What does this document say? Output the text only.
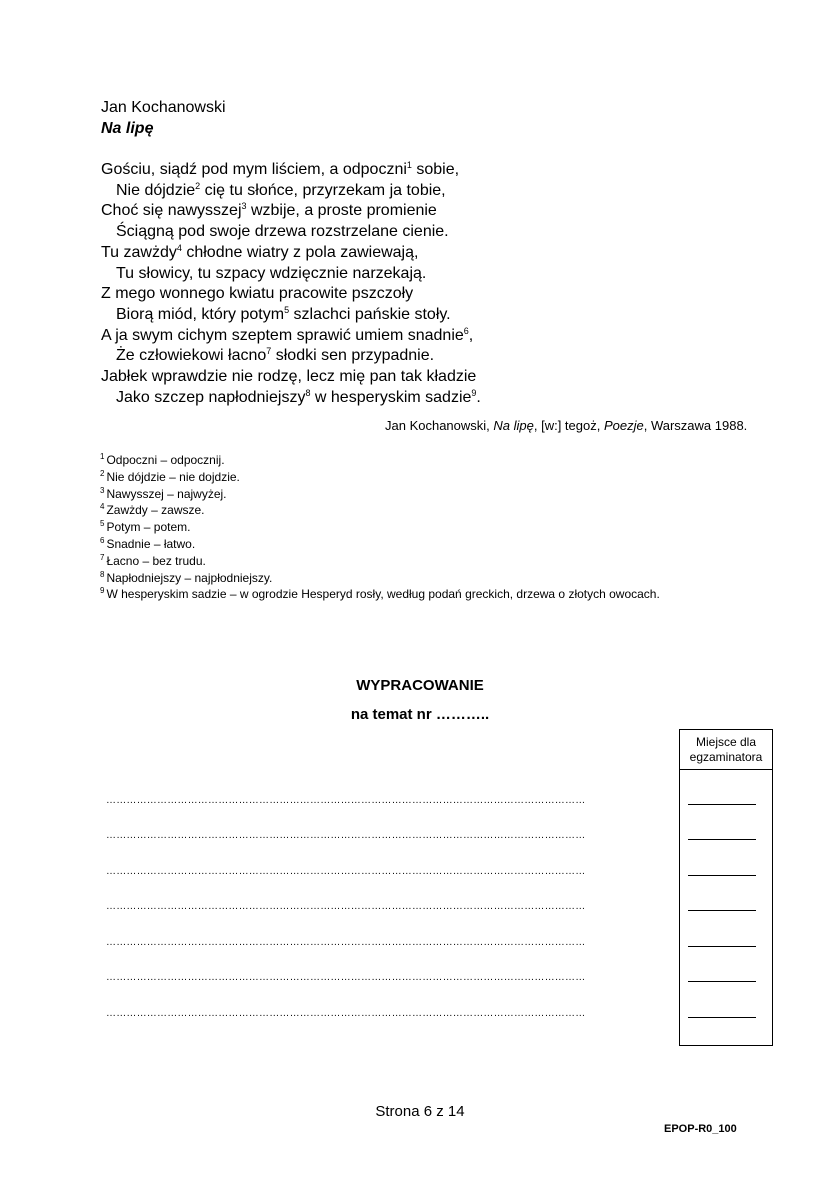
Jan Kochanowski
Na lipę
Gościu, siądź pod mym liściem, a odpoczni$^1$ sobie,
Nie dójdzie$^2$ cię tu słońce, przyrzekam ja tobie,
Choć się nawysszej$^3$ wzbije, a proste promienie
Ściągną pod swoje drzewa rozstrzelane cienie.
Tu zawżdy$^4$ chłodne wiatry z pola zawiewają,
Tu słowicy, tu szpacy wdzięcznie narzekają.
Z mego wonnego kwiatu pracowite pszczoły
Biorą miód, który potym$^5$ szlachci pańskie stoły.
A ja swym cichym szeptem sprawić umiem snadnie$^6$,
Że człowiekowi łacno$^7$ słodki sen przypadnie.
Jabłek wprawdzie nie rodzę, lecz mię pan tak kładzie
Jako szczep napłodniejszy$^8$ w hesperyskim sadzie$^9$.
Jan Kochanowski, Na lipę, [w:] tegoż, Poezje, Warszawa 1988.
$^1$ Odpoczni – odpocznij.
$^2$ Nie dójdzie – nie dojdzie.
$^3$ Nawysszej – najwyżej.
$^4$ Zawżdy – zawsze.
$^5$ Potym – potem.
$^6$ Snadnie – łatwo.
$^7$ Łacno – bez trudu.
$^8$ Napłodniejszy – najpłodniejszy.
$^9$ W hesperyskim sadzie – w ogrodzie Hesperyd rosły, według podań greckich, drzewa o złotych owocach.
WYPRACOWANIE
na temat nr ………..
Miejsce dla
egzaminatora
……………………………………………………………………………………………………………………………
……………………………………………………………………………………………………………………………
……………………………………………………………………………………………………………………………
……………………………………………………………………………………………………………………………
……………………………………………………………………………………………………………………………
……………………………………………………………………………………………………………………………
……………………………………………………………………………………………………………………………
Strona 6 z 14
EPOP-R0_100
